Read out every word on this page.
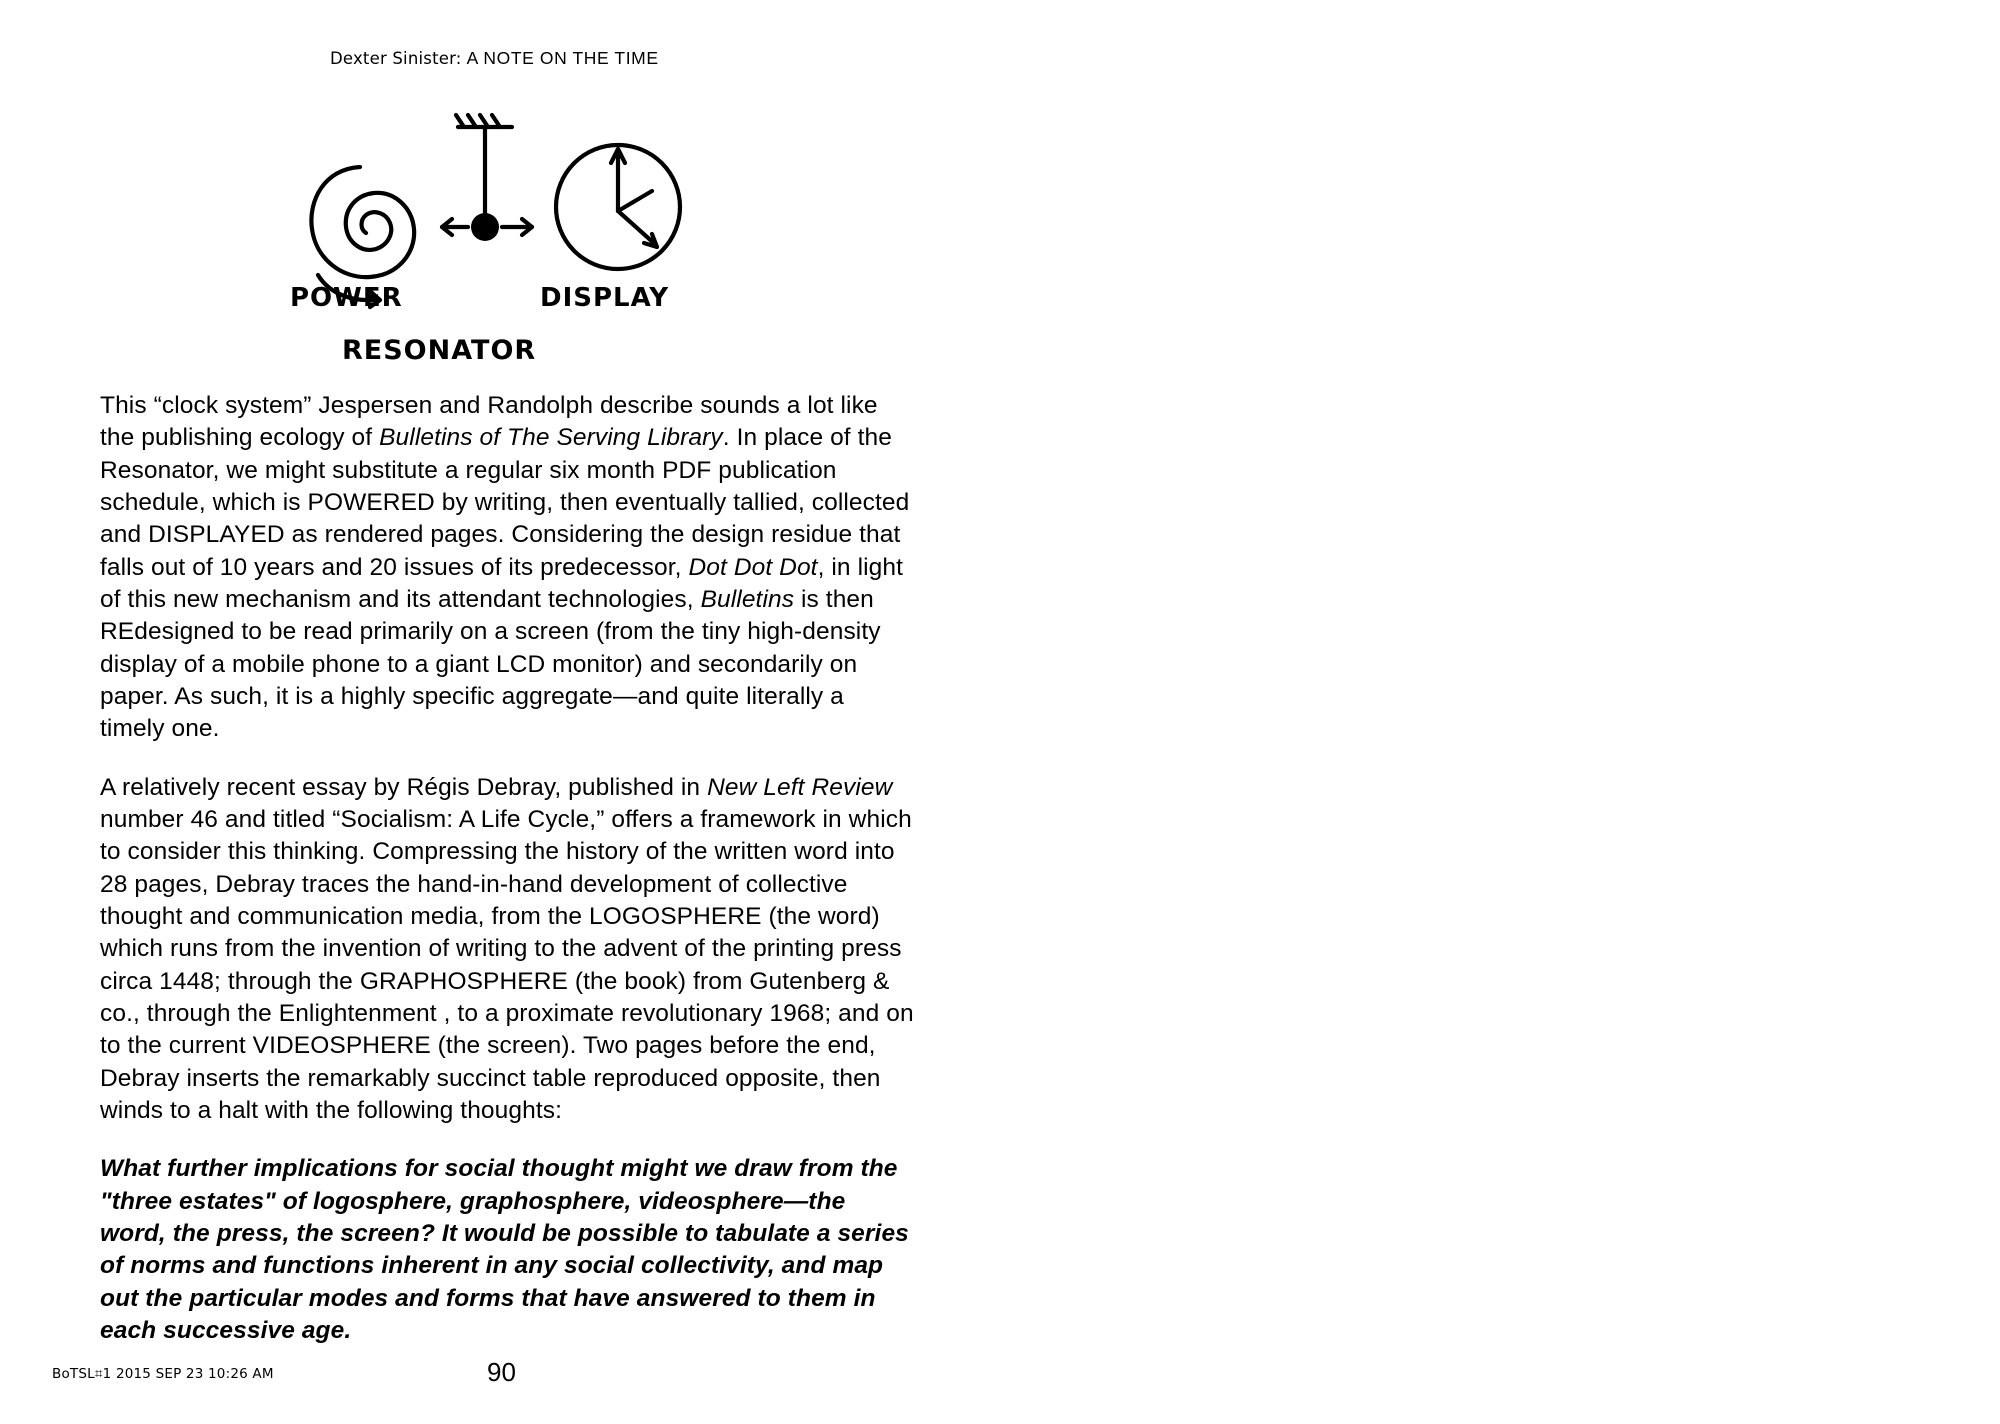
Dexter Sinister: A NOTE ON THE TIME
POWER	DISPLAY
RESONATOR

This “clock system” Jespersen and Randolph describe sounds a lot like the publishing ecology of Bulletins of The Serving Library. In place of the Resonator, we might substitute a regular six month PDF publication schedule, which is POWERED by writing, then eventually tallied, collected and DISPLAYED as rendered pages. Considering the design residue that falls out of 10 years and 20 issues of its predecessor, Dot Dot Dot, in light of this new mechanism and its attendant technologies, Bulletins is then REdesigned to be read primarily on a screen (from the tiny high-density display of a mobile phone to a giant LCD monitor) and secondarily on paper. As such, it is a highly specific aggregate—and quite literally a timely one.

A relatively recent essay by Régis Debray, published in New Left Review number 46 and titled “Socialism: A Life Cycle,” offers a framework in which to consider this thinking. Compressing the history of the written word into 28 pages, Debray traces the hand-in-hand development of collective thought and communication media, from the LOGOSPHERE (the word) which runs from the invention of writing to the advent of the printing press circa 1448; through the GRAPHOSPHERE (the book) from Gutenberg & co., through the Enlightenment , to a proximate revolutionary 1968; and on to the current VIDEOSPHERE (the screen). Two pages before the end, Debray inserts the remarkably succinct table reproduced opposite, then winds to a halt with the following thoughts:

What further implications for social thought might we draw from the "three estates" of logosphere, graphosphere, videosphere—the word, the press, the screen? It would be possible to tabulate a series of norms and functions inherent in any social collectivity, and map out the particular modes and forms that have answered to them in each successive age.

BoTSL⌗1 2015 SEP 23 10:26 AM	90
